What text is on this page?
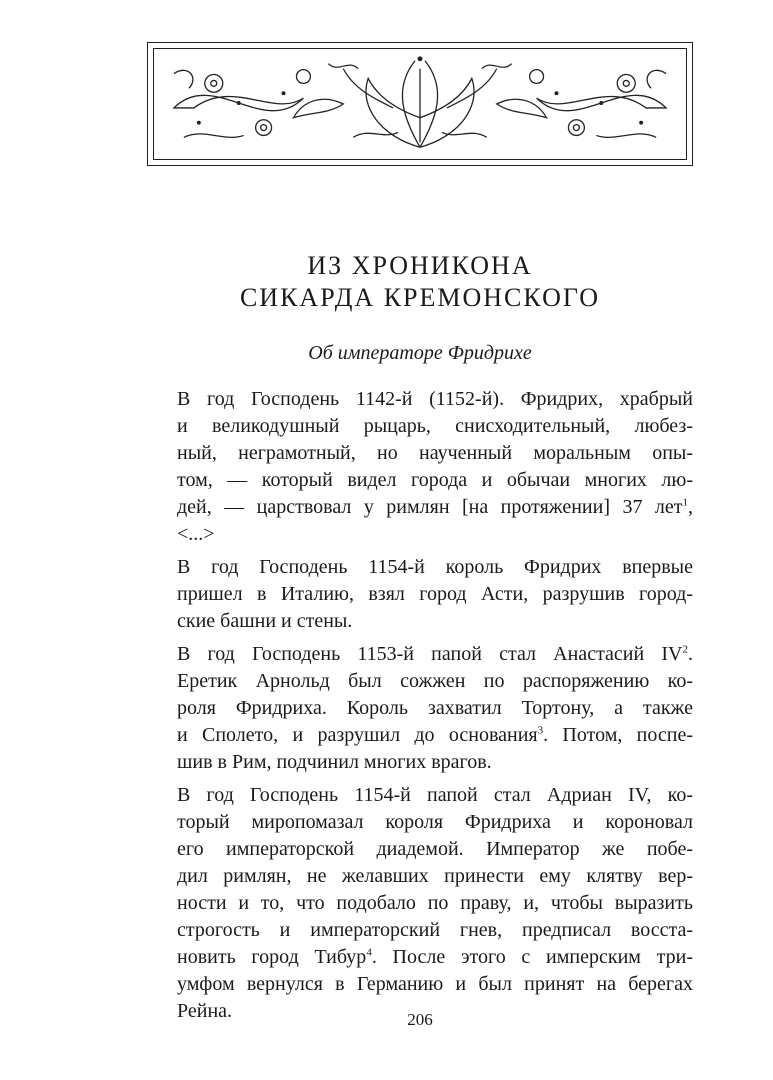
ИЗ ХРОНИКОНА
СИКАРДА КРЕМОНСКОГО

Об императоре Фридрихе

В год Господень 1142-й (1152-й). Фридрих, храбрый
и великодушный рыцарь, снисходительный, любез-
ный, неграмотный, но наученный моральным опы-
том, — который видел города и обычаи многих лю-
дей, — царствовал у римлян [на протяжении] 37 лет$^1$,
<...>
В год Господень 1154-й король Фридрих впервые
пришел в Италию, взял город Асти, разрушив город-
ские башни и стены.
В год Господень 1153-й папой стал Анастасий $IV^2$.
Еретик Арнольд был сожжен по распоряжению ко-
роля Фридриха. Король захватил Тортону, а также
и Сполето, и разрушил до основания$^3$. Потом, поспе-
шив в Рим, подчинил многих врагов.
В год Господень 1154-й папой стал Адриан IV, ко-
торый миропомазал короля Фридриха и короновал
его императорской диадемой. Император же побе-
дил римлян, не желавших принести ему клятву вер-
ности и то, что подобало по праву, и, чтобы выразить
строгость и императорский гнев, предписал восста-
новить город Тибур$^4$. После этого с имперским три-
умфом вернулся в Германию и был принят на берегах
Рейна.	206
